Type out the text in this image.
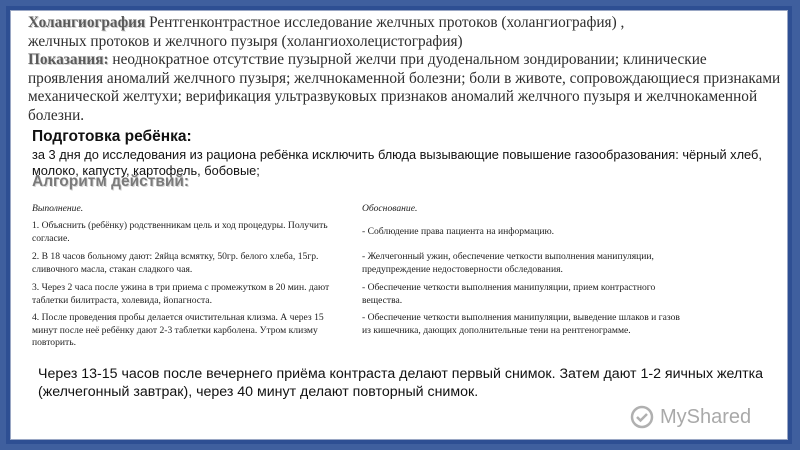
Холангиография Рентгенконтрастное исследование желчных протоков (холангиография) ,
желчных протоков и желчного пузыря (холангиохолецистография)
Показания: неоднократное отсутствие пузырной желчи при дуоденальном зондировании; клинические проявления аномалий желчного пузыря; желчнокаменной болезни; боли в животе, сопровождающиеся признаками механической желтухи; верификация ультразвуковых признаков аномалий желчного пузыря и желчнокаменной болезни.
Подготовка ребёнка:
за 3 дня до исследования из рациона ребёнка исключить блюда вызывающие повышение газообразования: чёрный хлеб, молоко, капусту, картофель, бобовые;
Алгоритм действий:
Выполнение.	Обоснование.
1. Объяснить (ребёнку) родственникам цель и ход процедуры. Получить согласие.
- Соблюдение права пациента на информацию.
2. В 18 часов больному дают: 2яйца всмятку, 50гр. белого хлеба, 15гр. сливочного масла, стакан сладкого чая.
- Желчегонный ужин, обеспечение четкости выполнения манипуляции, предупреждение недостоверности обследования.
3. Через 2 часа после ужина в три приема с промежутком в 20 мин. дают таблетки билитраста, холевида, йопагноста.
- Обеспечение четкости выполнения манипуляции, прием контрастного вещества.
4. После проведения пробы делается очистительная клизма. А через 15 минут после неё ребёнку дают 2-3 таблетки карболена. Утром клизму повторить.
- Обеспечение четкости выполнения манипуляции, выведение шлаков и газов из кишечника, дающих дополнительные тени на рентгенограмме.
Через 13-15 часов после вечернего приёма контраста делают первый снимок. Затем дают 1-2 яичных желтка (желчегонный завтрак), через 40 минут делают повторный снимок.
MyShared
